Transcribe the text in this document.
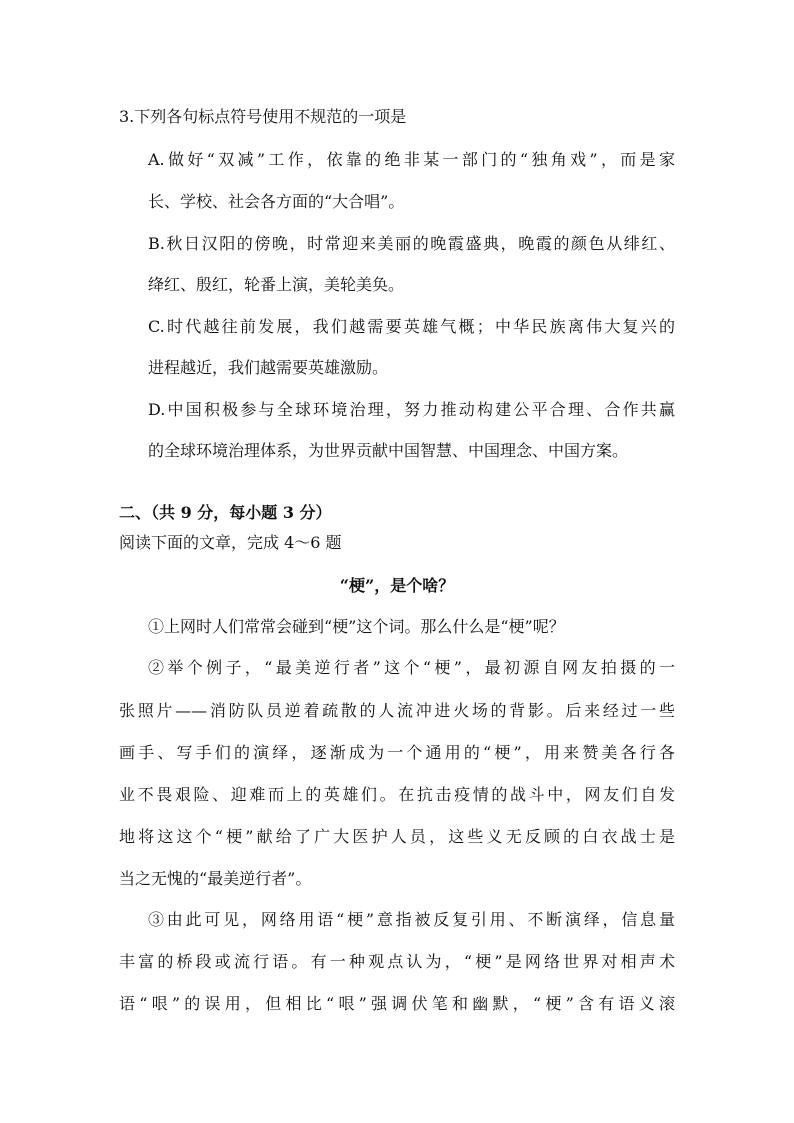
3.下列各句标点符号使用不规范的一项是
A.做好“双减”工作，依靠的绝非某一部门的“独角戏”，而是家
长、学校、社会各方面的“大合唱”。
B.秋日汉阳的傍晚，时常迎来美丽的晚霞盛典，晚霞的颜色从绯红、
绛红、殷红，轮番上演，美轮美奂。
C.时代越往前发展，我们越需要英雄气概；中华民族离伟大复兴的
进程越近，我们越需要英雄激励。
D.中国积极参与全球环境治理，努力推动构建公平合理、合作共赢
的全球环境治理体系，为世界贡献中国智慧、中国理念、中国方案。
二、（共 9 分，每小题 3 分）
阅读下面的文章，完成 4～6 题
“梗”，是个啥？
①上网时人们常常会碰到“梗”这个词。那么什么是“梗”呢？
②举个例子，“最美逆行者”这个“梗”，最初源自网友拍摄的一
张照片——消防队员逆着疏散的人流冲进火场的背影。后来经过一些
画手、写手们的演绎，逐渐成为一个通用的“梗”，用来赞美各行各
业不畏艰险、迎难而上的英雄们。在抗击疫情的战斗中，网友们自发
地将这这个“梗”献给了广大医护人员，这些义无反顾的白衣战士是
当之无愧的“最美逆行者”。
③由此可见，网络用语“梗”意指被反复引用、不断演绎，信息量
丰富的桥段或流行语。有一种观点认为，“梗”是网络世界对相声术
语“哏”的误用，但相比“哏”强调伏笔和幽默，“梗”含有语义滚
